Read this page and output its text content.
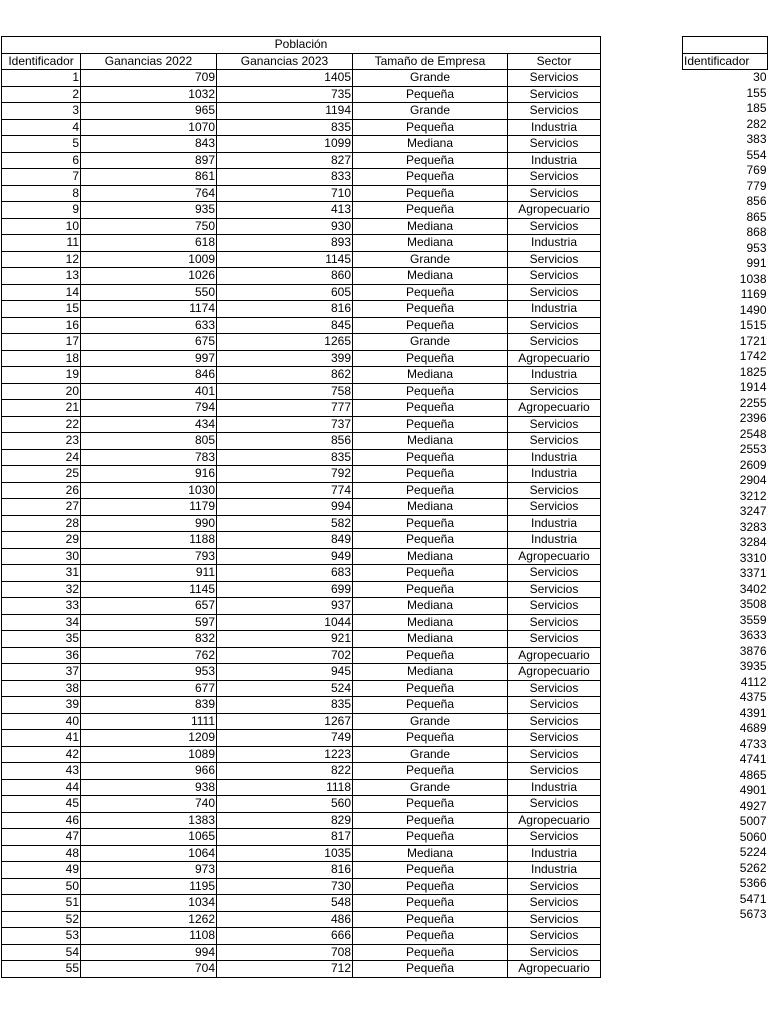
Población				
Identificador	Ganancias 2022	Ganancias 2023	Tamaño de Empresa	Sector
1	709	1405	Grande	Servicios
2	1032	735	Pequeña	Servicios
3	965	1194	Grande	Servicios
4	1070	835	Pequeña	Industria
5	843	1099	Mediana	Servicios
6	897	827	Pequeña	Industria
7	861	833	Pequeña	Servicios
8	764	710	Pequeña	Servicios
9	935	413	Pequeña	Agropecuario
10	750	930	Mediana	Servicios
11	618	893	Mediana	Industria
12	1009	1145	Grande	Servicios
13	1026	860	Mediana	Servicios
14	550	605	Pequeña	Servicios
15	1174	816	Pequeña	Industria
16	633	845	Pequeña	Servicios
17	675	1265	Grande	Servicios
18	997	399	Pequeña	Agropecuario
19	846	862	Mediana	Industria
20	401	758	Pequeña	Servicios
21	794	777	Pequeña	Agropecuario
22	434	737	Pequeña	Servicios
23	805	856	Mediana	Servicios
24	783	835	Pequeña	Industria
25	916	792	Pequeña	Industria
26	1030	774	Pequeña	Servicios
27	1179	994	Mediana	Servicios
28	990	582	Pequeña	Industria
29	1188	849	Pequeña	Industria
30	793	949	Mediana	Agropecuario
31	911	683	Pequeña	Servicios
32	1145	699	Pequeña	Servicios
33	657	937	Mediana	Servicios
34	597	1044	Mediana	Servicios
35	832	921	Mediana	Servicios
36	762	702	Pequeña	Agropecuario
37	953	945	Mediana	Agropecuario
38	677	524	Pequeña	Servicios
39	839	835	Pequeña	Servicios
40	1111	1267	Grande	Servicios
41	1209	749	Pequeña	Servicios
42	1089	1223	Grande	Servicios
43	966	822	Pequeña	Servicios
44	938	1118	Grande	Industria
45	740	560	Pequeña	Servicios
46	1383	829	Pequeña	Agropecuario
47	1065	817	Pequeña	Servicios
48	1064	1035	Mediana	Industria
49	973	816	Pequeña	Industria
50	1195	730	Pequeña	Servicios
51	1034	548	Pequeña	Servicios
52	1262	486	Pequeña	Servicios
53	1108	666	Pequeña	Servicios
54	994	708	Pequeña	Servicios
55	704	712	Pequeña	Agropecuario

Identificador
30
155
185
282
383
554
769
779
856
865
868
953
991
1038
1169
1490
1515
1721
1742
1825
1914
2255
2396
2548
2553
2609
2904
3212
3247
3283
3284
3310
3371
3402
3508
3559
3633
3876
3935
4112
4375
4391
4689
4733
4741
4865
4901
4927
5007
5060
5224
5262
5366
5471
5673
